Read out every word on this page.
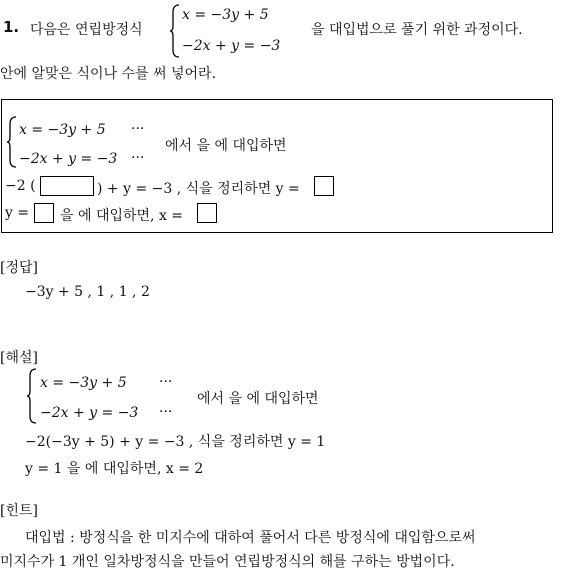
1. 다음은 연립방정식
x = −3y + 5
−2x + y = −3
을 대입법으로 풀기 위한 과정이다.
안에 알맞은 식이나 수를 써 넣어라.
x = −3y + 5 ···
−2x + y = −3 ···
에서 을 에 대입하면
−2 (	) + y = −3 , 식을 정리하면 y =
y = 을 에 대입하면, x =
[정답]
−3y + 5 , 1 , 1 , 2
[해설]
x = −3y + 5 ···
−2x + y = −3 ···
에서 을 에 대입하면
−2(−3y + 5) + y = −3 , 식을 정리하면 y = 1
y = 1 을 에 대입하면, x = 2
[힌트]
대입법 : 방정식을 한 미지수에 대하여 풀어서 다른 방정식에 대입함으로써
미지수가 1 개인 일차방정식을 만들어 연립방정식의 해를 구하는 방법이다.
